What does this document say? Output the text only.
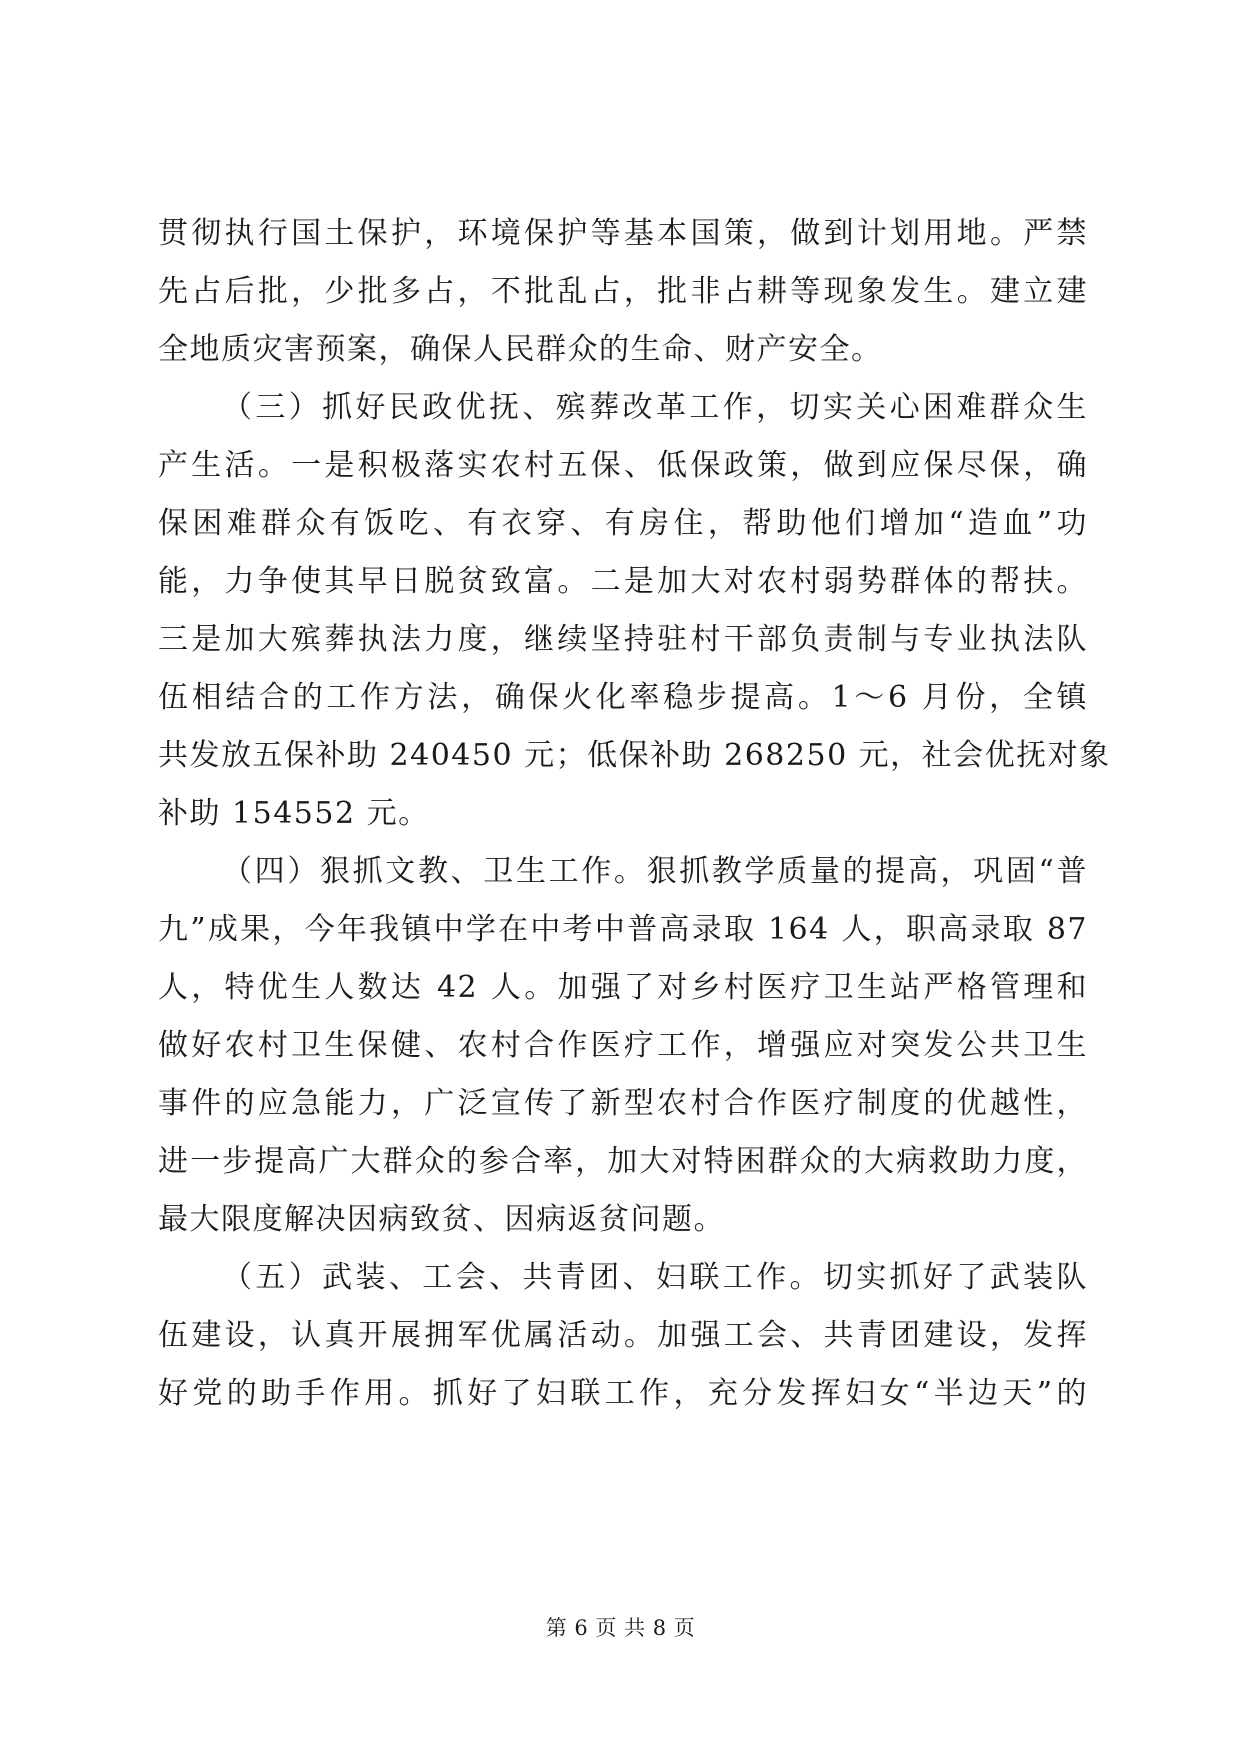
贯彻执行国土保护，环境保护等基本国策，做到计划用地。严禁
先占后批，少批多占，不批乱占，批非占耕等现象发生。建立建
全地质灾害预案，确保人民群众的生命、财产安全。
（三）抓好民政优抚、殡葬改革工作，切实关心困难群众生
产生活。一是积极落实农村五保、低保政策，做到应保尽保，确
保困难群众有饭吃、有衣穿、有房住，帮助他们增加“造血”功
能，力争使其早日脱贫致富。二是加大对农村弱势群体的帮扶。
三是加大殡葬执法力度，继续坚持驻村干部负责制与专业执法队
伍相结合的工作方法，确保火化率稳步提高。1～6 月份，全镇
共发放五保补助 240450 元；低保补助 268250 元，社会优抚对象
补助 154552 元。
（四）狠抓文教、卫生工作。狠抓教学质量的提高，巩固“普
九”成果，今年我镇中学在中考中普高录取 164 人，职高录取 87
人，特优生人数达 42 人。加强了对乡村医疗卫生站严格管理和
做好农村卫生保健、农村合作医疗工作，增强应对突发公共卫生
事件的应急能力，广泛宣传了新型农村合作医疗制度的优越性，
进一步提高广大群众的参合率，加大对特困群众的大病救助力度，
最大限度解决因病致贫、因病返贫问题。
（五）武装、工会、共青团、妇联工作。切实抓好了武装队
伍建设，认真开展拥军优属活动。加强工会、共青团建设，发挥
好党的助手作用。抓好了妇联工作，充分发挥妇女“半边天”的
第 6 页 共 8 页
